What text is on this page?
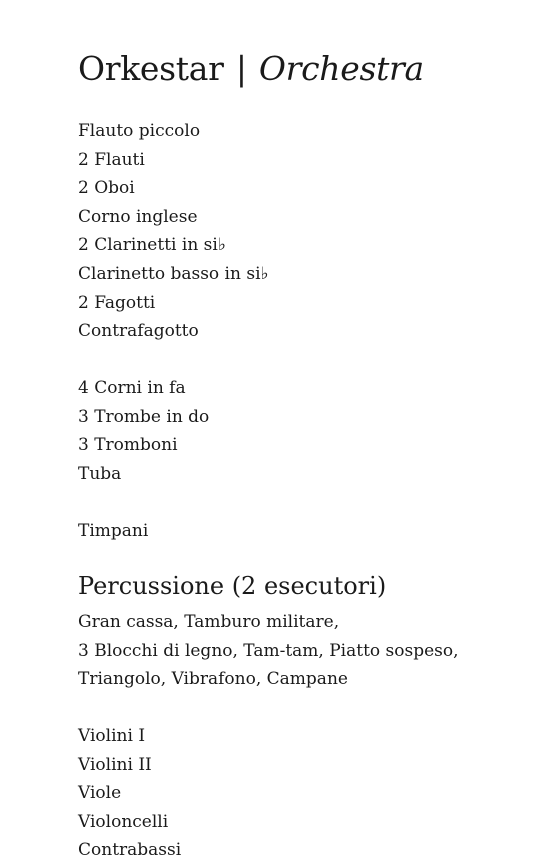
Orkestar | Orchestra
Flauto piccolo
2 Flauti
2 Oboi
Corno inglese
2 Clarinetti in si♭
Clarinetto basso in si♭
2 Fagotti
Contrafagotto
4 Corni in fa
3 Trombe in do
3 Tromboni
Tuba
Timpani
Percussione (2 esecutori)
Gran cassa, Tamburo militare,
3 Blocchi di legno, Tam-tam, Piatto sospeso,
Triangolo, Vibrafono, Campane
Violini I
Violini II
Viole
Violoncelli
Contrabassi
